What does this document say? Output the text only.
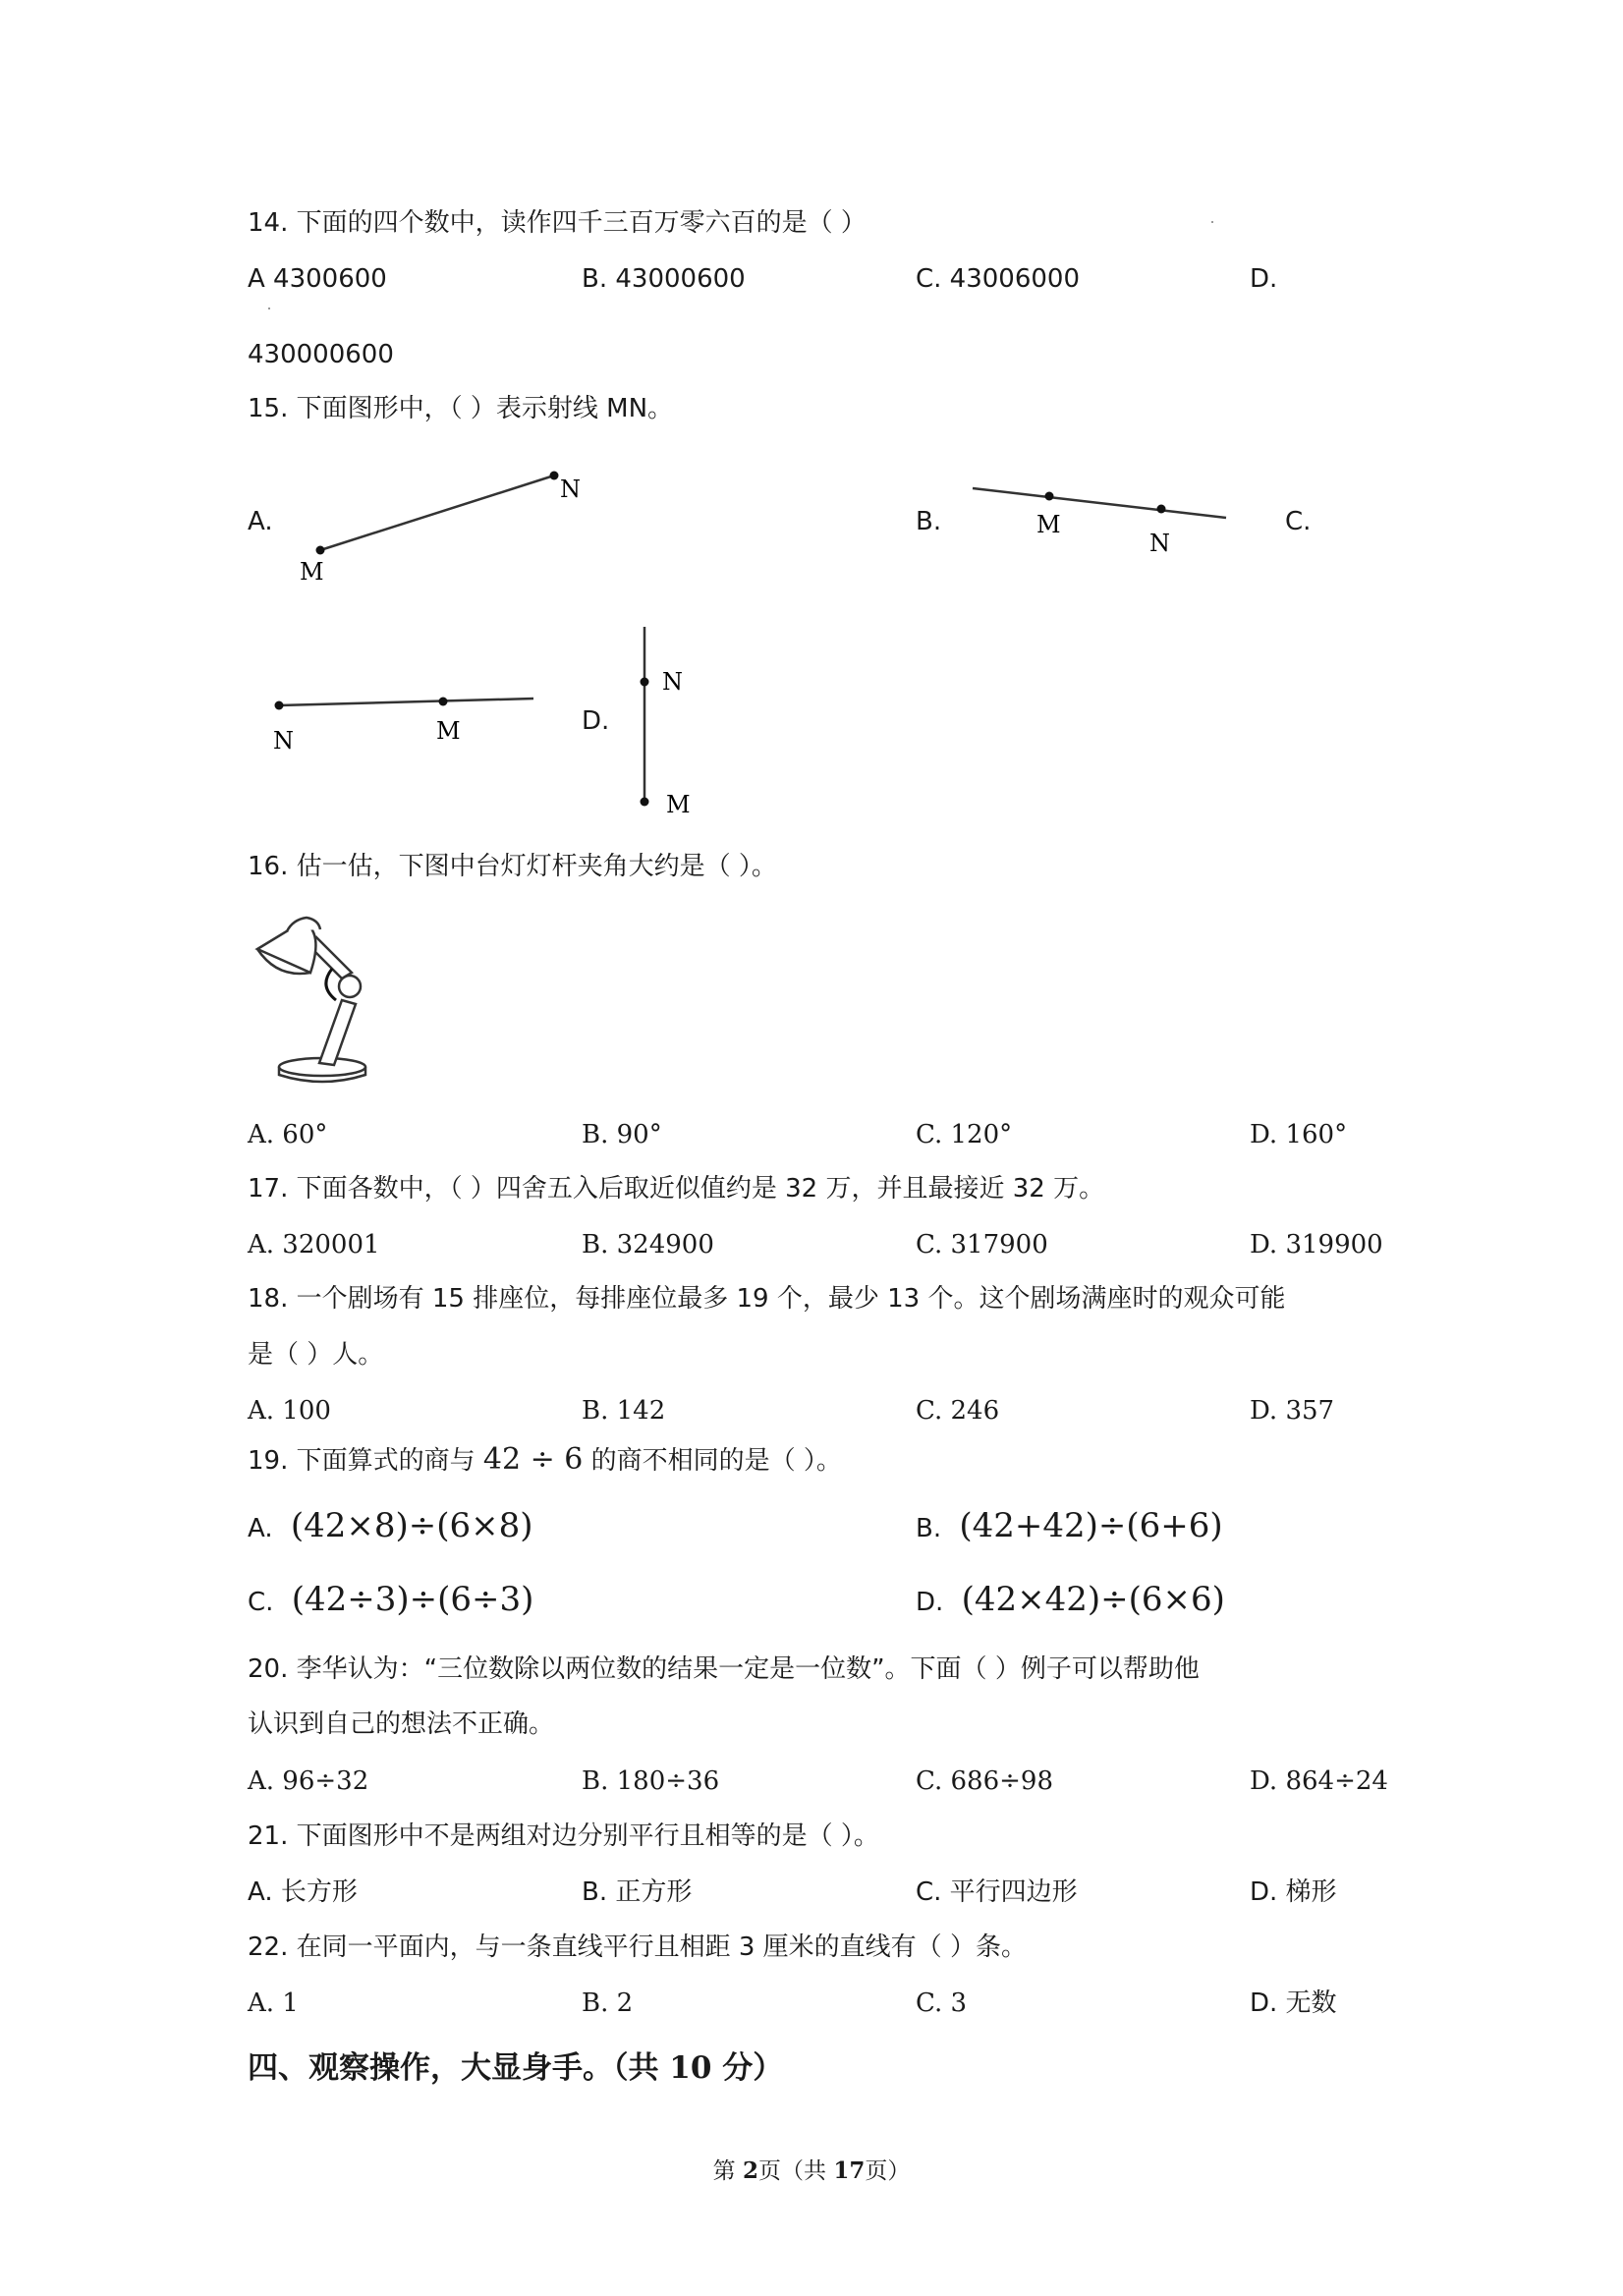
14. 下面的四个数中，读作四千三百万零六百的是（ ）
A 4300600	B. 43000600	C. 43006000	D.
430000600
15. 下面图形中，（ ）表示射线 MN。
A.	B.	C.
D.
M
N
M
N
N	M
N
M
16. 估一估，下图中台灯灯杆夹角大约是（ ）。
A. 60°	B. 90°	C. 120°	D. 160°
17. 下面各数中，（ ）四舍五入后取近似值约是 32 万，并且最接近 32 万。
A. 320001	B. 324900	C. 317900	D. 319900
18. 一个剧场有 15 排座位，每排座位最多 19 个，最少 13 个。这个剧场满座时的观众可能
是（ ）人。
A. 100	B. 142	C. 246	D. 357
19. 下面算式的商与 42 ÷ 6 的商不相同的是（ ）。
A. (42×8)÷(6×8)	B. (42+42)÷(6+6)
C. (42÷3)÷(6÷3)	D. (42×42)÷(6×6)
20. 李华认为：“三位数除以两位数的结果一定是一位数”。下面（ ）例子可以帮助他
认识到自己的想法不正确。
A. 96÷32	B. 180÷36	C. 686÷98	D. 864÷24
21. 下面图形中不是两组对边分别平行且相等的是（ ）。
A. 长方形	B. 正方形	C. 平行四边形	D. 梯形
22. 在同一平面内，与一条直线平行且相距 3 厘米的直线有（ ）条。
A. 1	B. 2	C. 3	D. 无数
四、观察操作，大显身手。（共 10 分）
第 2页（共 17页）
